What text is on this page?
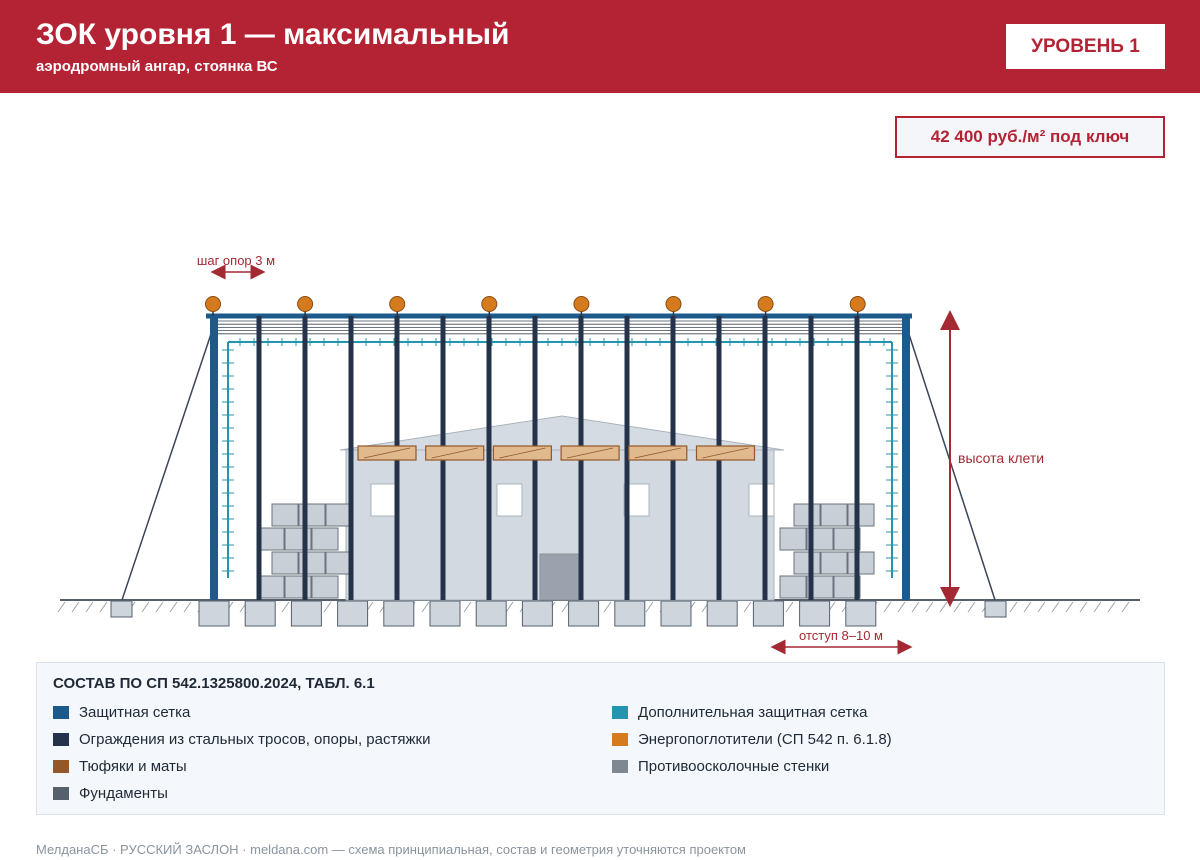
ЗОК уровня 1 — максимальный
аэродромный ангар, стоянка ВС
УРОВЕНЬ 1
42 400 руб./м² под ключ
шаг опор 3 м
высота клети
отступ 8–10 м
СОСТАВ ПО СП 542.1325800.2024, ТАБЛ. 6.1
Защитная сетка
Ограждения из стальных тросов, опоры, растяжки
Тюфяки и маты
Фундаменты
Дополнительная защитная сетка
Энергопоглотители (СП 542 п. 6.1.8)
Противоосколочные стенки
МелданаСБ · РУССКИЙ ЗАСЛОН · meldana.com — схема принципиальная, состав и геометрия уточняются проектом
